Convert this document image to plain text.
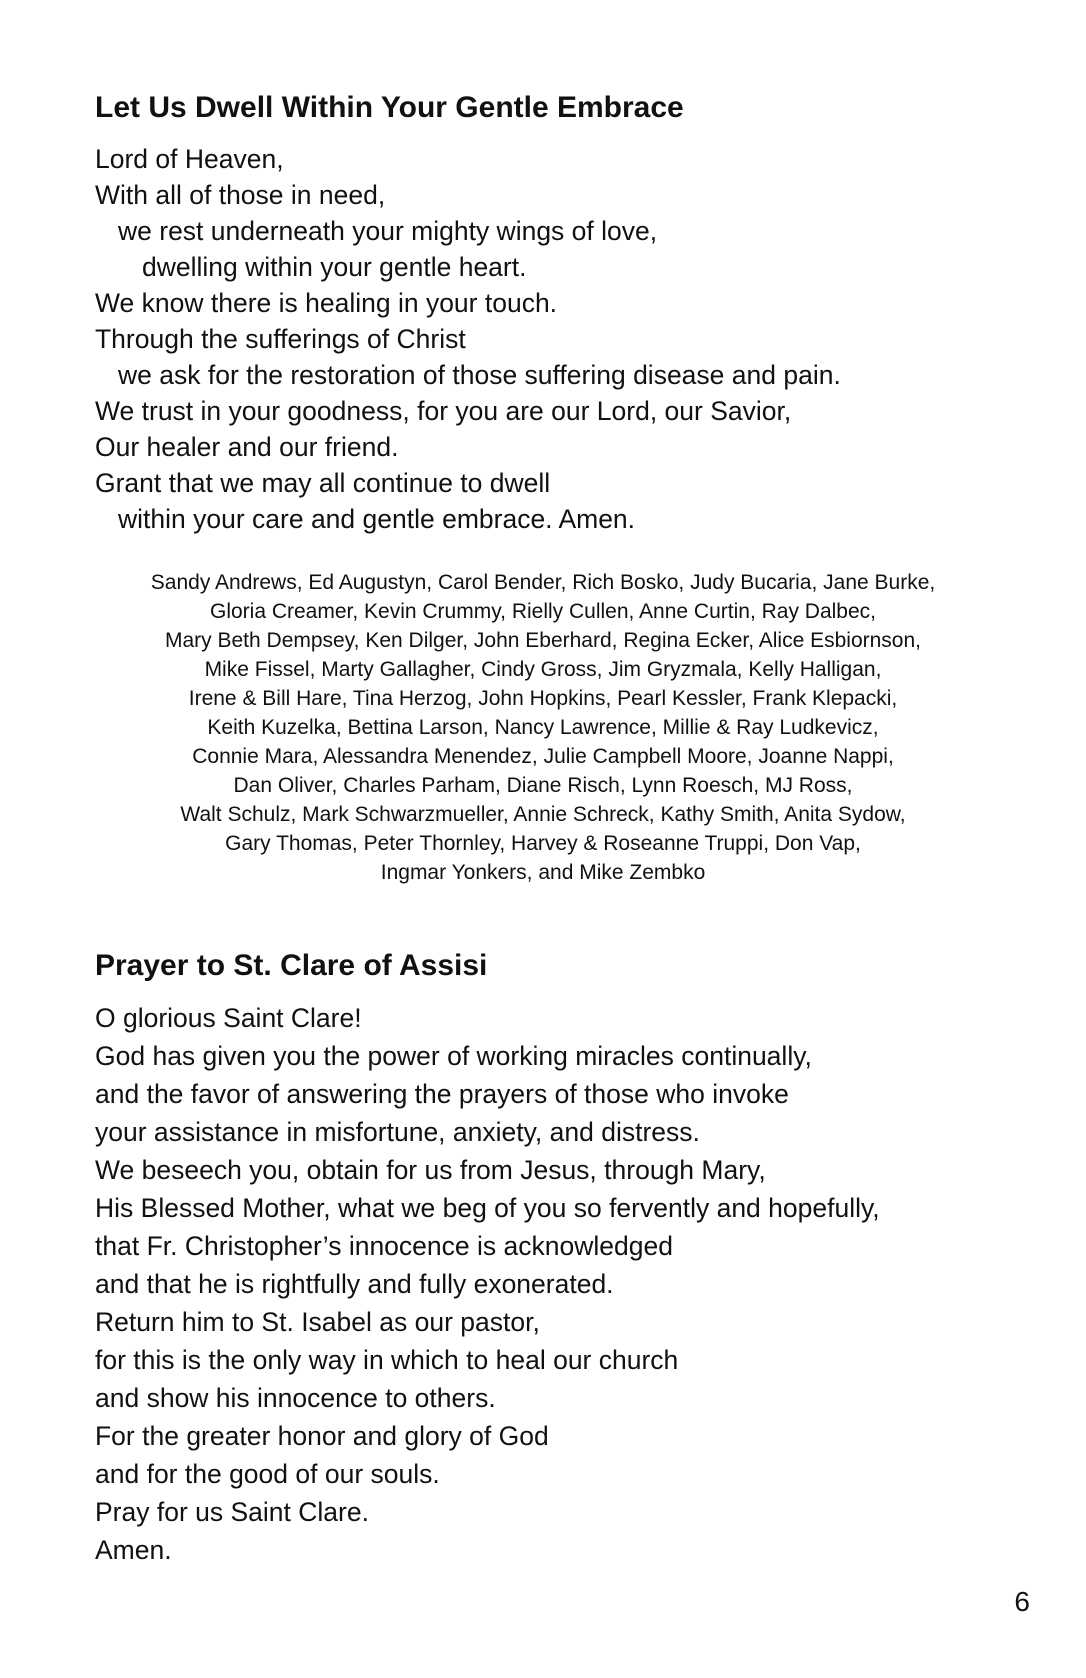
Let Us Dwell Within Your Gentle Embrace
Lord of Heaven,
With all of those in need,
we rest underneath your mighty wings of love,
dwelling within your gentle heart.
We know there is healing in your touch.
Through the sufferings of Christ
we ask for the restoration of those suffering disease and pain.
We trust in your goodness, for you are our Lord, our Savior,
Our healer and our friend.
Grant that we may all continue to dwell
within your care and gentle embrace. Amen.
Sandy Andrews, Ed Augustyn, Carol Bender, Rich Bosko, Judy Bucaria, Jane Burke,
Gloria Creamer, Kevin Crummy, Rielly Cullen, Anne Curtin, Ray Dalbec,
Mary Beth Dempsey, Ken Dilger, John Eberhard, Regina Ecker, Alice Esbiornson,
Mike Fissel, Marty Gallagher, Cindy Gross, Jim Gryzmala, Kelly Halligan,
Irene & Bill Hare, Tina Herzog, John Hopkins, Pearl Kessler, Frank Klepacki,
Keith Kuzelka, Bettina Larson, Nancy Lawrence, Millie & Ray Ludkevicz,
Connie Mara, Alessandra Menendez, Julie Campbell Moore, Joanne Nappi,
Dan Oliver, Charles Parham, Diane Risch, Lynn Roesch, MJ Ross,
Walt Schulz, Mark Schwarzmueller, Annie Schreck, Kathy Smith, Anita Sydow,
Gary Thomas, Peter Thornley, Harvey & Roseanne Truppi, Don Vap,
Ingmar Yonkers, and Mike Zembko
Prayer to St. Clare of Assisi
O glorious Saint Clare!
God has given you the power of working miracles continually,
and the favor of answering the prayers of those who invoke
your assistance in misfortune, anxiety, and distress.
We beseech you, obtain for us from Jesus, through Mary,
His Blessed Mother, what we beg of you so fervently and hopefully,
that Fr. Christopher’s innocence is acknowledged
and that he is rightfully and fully exonerated.
Return him to St. Isabel as our pastor,
for this is the only way in which to heal our church
and show his innocence to others.
For the greater honor and glory of God
and for the good of our souls.
Pray for us Saint Clare.
Amen.
6
